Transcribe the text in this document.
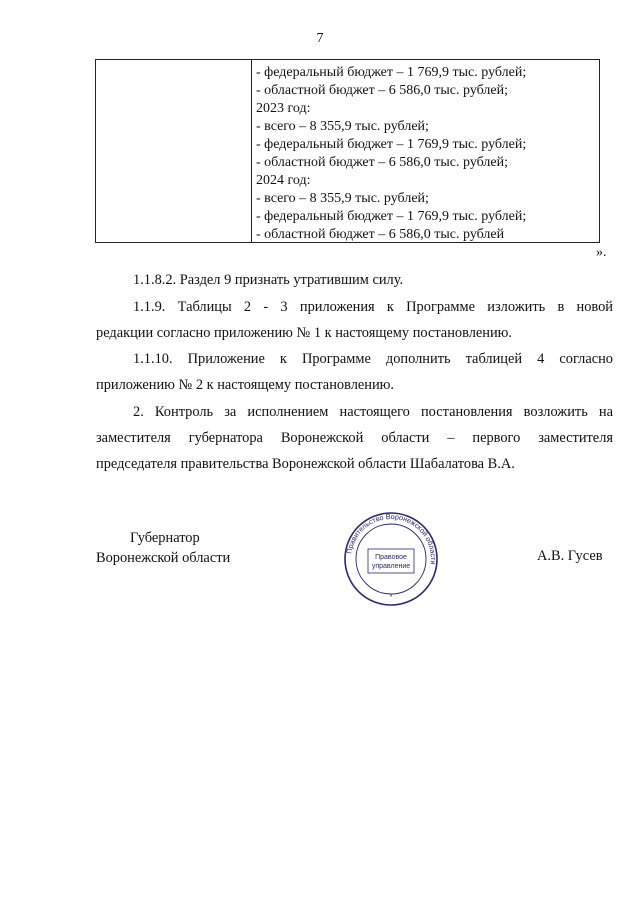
7
- федеральный бюджет – 1 769,9 тыс. рублей;
- областной бюджет – 6 586,0 тыс. рублей;
2023 год:
- всего – 8 355,9 тыс. рублей;
- федеральный бюджет – 1 769,9 тыс. рублей;
- областной бюджет – 6 586,0 тыс. рублей;
2024 год:
- всего – 8 355,9 тыс. рублей;
- федеральный бюджет – 1 769,9 тыс. рублей;
- областной бюджет – 6 586,0 тыс. рублей
».
1.1.8.2. Раздел 9 признать утратившим силу.
1.1.9. Таблицы 2 - 3 приложения к Программе изложить в новой
редакции согласно приложению № 1 к настоящему постановлению.
1.1.10. Приложение к Программе дополнить таблицей 4 согласно
приложению № 2 к настоящему постановлению.
2. Контроль за исполнением настоящего постановления возложить на
заместителя губернатора Воронежской области – первого заместителя
председателя правительства Воронежской области Шабалатова В.А.
Губернатор
Воронежской области	А.В. Гусев
Правительство Воронежской области
Правовое
управление
*
